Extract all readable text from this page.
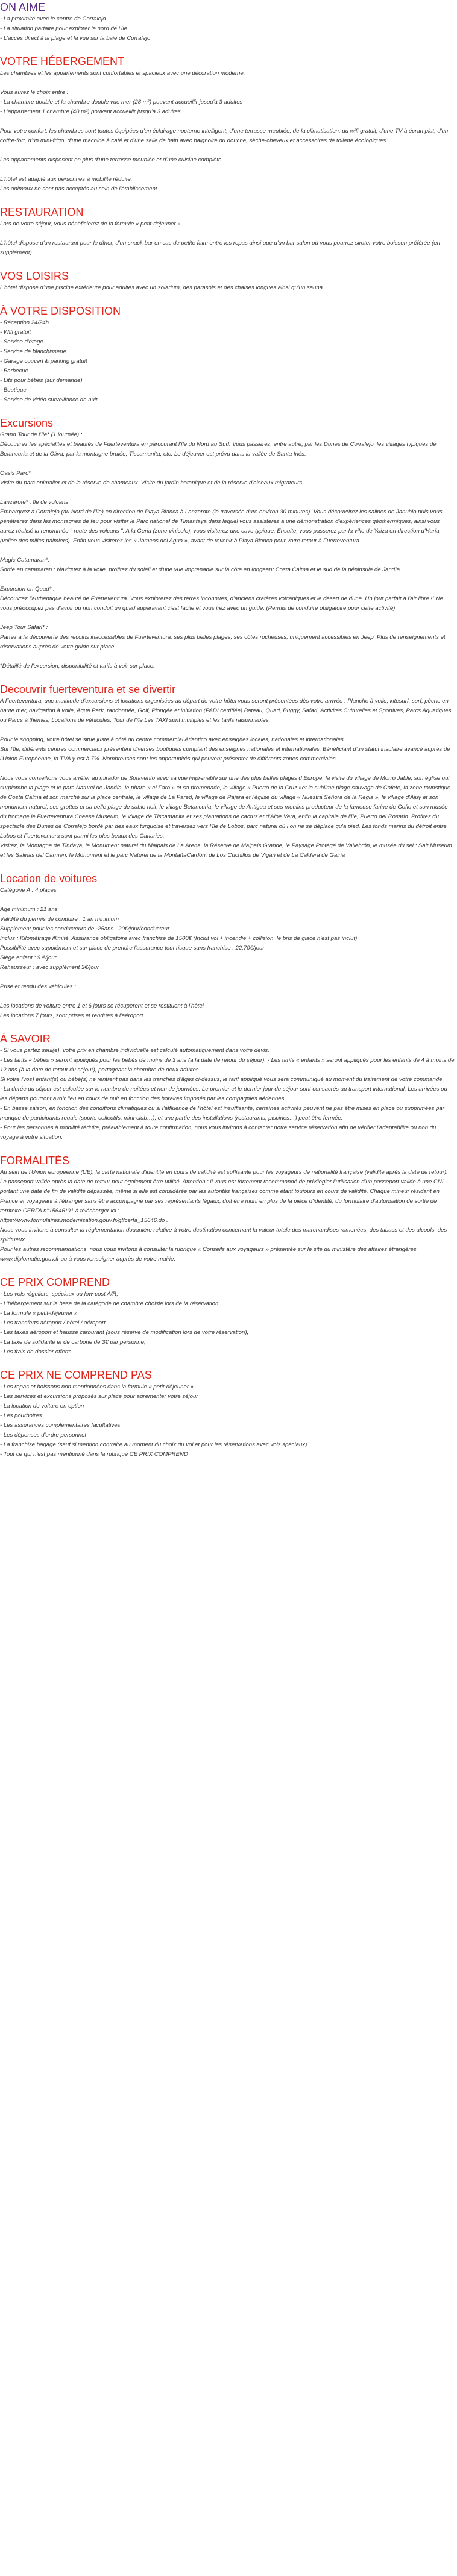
ON AIME

- La proximité avec le centre de Corralejo

- La situation parfaite pour explorer le nord de l'île

- L'accès direct à la plage et la vue sur la baie de Corralejo

VOTRE HÉBERGEMENT

Les chambres et les appartements sont confortables et spacieux avec une décoration moderne.

Vous aurez le choix entre :

- La chambre double et la chambre double vue mer (28 m²) pouvant accueillir jusqu'à 3 adultes

- L'appartement 1 chambre (40 m²) pouvant accueillir jusqu'à 3 adultes

Pour votre confort, les chambres sont toutes équipées d'un éclairage nocturne intelligent, d'une terrasse meublée, de la climatisation, du wifi gratuit, d'une TV à écran plat, d'un coffre-fort, d'un mini-frigo, d'une machine à café et d'une salle de bain avec baignoire ou douche, sèche-cheveux et accessoires de toilette écologiques.

Les appartements disposent en plus d'une terrasse meublée et d'une cuisine complète.

L'hôtel est adapté aux personnes à mobilité réduite.

Les animaux ne sont pas acceptés au sein de l'établissement.

RESTAURATION

Lors de votre séjour, vous bénéficierez de la formule « petit-déjeuner ».

L'hôtel dispose d'un restaurant pour le dîner, d'un snack bar en cas de petite faim entre les repas ainsi que d'un bar salon où vous pourrez siroter votre boisson préférée (en supplément).

VOS LOISIRS

L'hôtel dispose d'une piscine extérieure pour adultes avec un solarium, des parasols et des chaises longues ainsi qu'un sauna.

À VOTRE DISPOSITION

- Réception 24/24h

- Wifi gratuit

- Service d'étage

- Service de blanchisserie

- Garage couvert & parking gratuit

- Barbecue

- Lits pour bébés (sur demande)

- Boutique

- Service de vidéo surveillance de nuit

Excursions

Grand Tour de l'île* (1 journée) :

Découvrez les spécialités et beautés de Fuerteventura en parcourant l'île du Nord au Sud. Vous passerez, entre autre, par les Dunes de Corralejo, les villages typiques de Betancuria et de la Oliva, par la montagne brulée, Tiscamanita, etc. Le déjeuner est prévu dans la vallée de Santa Inés.

Oasis Parc*:

Visite du parc animalier et de la réserve de chameaux. Visite du jardin botanique et de la réserve d'oiseaux migrateurs.

Lanzarote* : île de volcans

Embarquez à Corralejo (au Nord de l'île) en direction de Playa Blanca à Lanzarote (la traversée dure environ 30 minutes). Vous découvrirez les salines de Janubio puis vous pénétrerez dans les montagnes de feu pour visiter le Parc national de Timanfaya dans lequel vous assisterez à une démonstration d'expériences géothermiques, ainsi vous aurez réalisé la renommée " route des volcans ". A la Geria (zone vinicole), vous visiterez une cave typique. Ensuite, vous passerez par la ville de Yaiza en direction d'Haria (vallée des milles palmiers). Enfin vous visiterez les « Jameos del Agua », avant de revenir à Playa Blanca pour votre retour à Fuerteventura.

Magic Catamaran*:

Sortie en catamaran : Naviguez à la voile, profitez du soleil et d'une vue imprenable sur la côte en longeant Costa Calma et le sud de la péninsule de Jandía.

Excursion en Quad* :

Découvrez l'authentique beauté de Fuerteventura. Vous explorerez des terres inconnues, d'anciens cratères volcaniques et le désert de dune. Un jour parfait à l'air libre !! Ne vous préoccupez pas d'avoir ou non conduit un quad auparavant c'est facile et vous irez avec un guide. (Permis de conduire obligatoire pour cette activité)

Jeep Tour Safari* :

Partez à la découverte des recoins inaccessibles de Fuerteventura, ses plus belles plages, ses côtes rocheuses, uniquement accessibles en Jeep. Plus de renseignements et réservations auprès de votre guide sur place

*Détaillé de l'excursion, disponibilité et tarifs à voir sur place.

Decouvrir fuerteventura et se divertir

A Fuerteventura, une multitude d'excursions et locations organisées au départ de votre hôtel vous seront présentées dès votre arrivée : Planche à voile, kitesurf, surf, pêche en haute mer, navigation à voile, Aqua Park, randonnée, Golf, Plongée et initiation (PADI certifiée) Bateau, Quad, Buggy, Safari, Activités Culturelles et Sportives, Parcs Aquatiques ou Parcs à thèmes, Locations de véhicules, Tour de l'île,Les TAXI sont multiples et les tarifs raisonnables.

Pour le shopping, votre hôtel se situe juste à côté du centre commercial Atlantico avec enseignes locales, nationales et internationales.

Sur l'île, différents centres commerciaux présentent diverses boutiques comptant des enseignes nationales et internationales. Bénéficiant d'un statut insulaire avancé auprès de l'Union Européenne, la TVA y est à 7%. Nombreuses sont les opportunités qui peuvent présenter de différents zones commerciales.

Nous vous conseillons vous arrêter au mirador de Sotavento avec sa vue imprenable sur une des plus belles plages d Europe, la visite du village de Morro Jable, son église qui surplombe la plage et le parc Naturel de Jandía, le phare « el Faro » et sa promenade, le village « Puerto de la Cruz »et la sublime plage sauvage de Cofete, la zone touristique de Costa Calma et son marché sur la place centrale, le village de La Pared, le village de Pajara et l'église du village « Nuestra Señora de la Regla », le village d'Ajuy et son monument naturel, ses grottes et sa belle plage de sable noir, le village Betancuria, le village de Antigua et ses moulins producteur de la fameuse farine de Gofio et son musée du fromage le Fuerteventura Cheese Museum, le village de Tiscamanita et ses plantations de cactus et d'Aloe Vera, enfin la capitale de l'île, Puerto del Rosario. Profitez du spectacle des Dunes de Corralejo bordé par des eaux turquoise et traversez vers l'île de Lobos, parc naturel où l on ne se déplace qu'à pied. Les fonds marins du détroit entre Lobos et Fuerteventura sont parmi les plus beaux des Canaries.

Visitez, la Montagne de Tindaya, le Monument naturel du Malpais de La Arena, la Réserve de Malpaís Grande, le Paysage Protégé de Vallebrón, le musée du sel : Salt Museum et les Salinas del Carmen, le Monument et le parc Naturel de la MontañaCardón, de Los Cuchillos de Vigán et de La Caldera de Gairia

Location de voitures

Catégorie A : 4 places

Age minimum : 21 ans

Validité du permis de conduire : 1 an minimum

Supplément pour les conducteurs de -25ans : 20€/jour/conducteur

Inclus : Kilométrage illimité, Assurance obligatoire avec franchise de 1500€ (Inclut vol + incendie + collision, le bris de glace n'est pas inclut)

Possibilité avec supplément et sur place de prendre l'assurance tout risque sans franchise : 22.70€/jour

Siège enfant : 9 €/jour

Rehausseur : avec supplément 3€/jour

Prise et rendu des véhicules :

Les locations de voiture entre 1 et 6 jours se récupèrent et se restituent à l'hôtel

Les locations 7 jours, sont prises et rendues à l'aéroport

À SAVOIR

- Si vous partez seul(e), votre prix en chambre individuelle est calculé automatiquement dans votre devis.

- Les tarifs « bébés » seront appliqués pour les bébés de moins de 3 ans (à la date de retour du séjour). - Les tarifs « enfants » seront appliqués pour les enfants de 4 à moins de 12 ans (à la date de retour du séjour), partageant la chambre de deux adultes.

Si votre (vos) enfant(s) ou bébé(s) ne rentrent pas dans les tranches d'âges ci-dessus, le tarif appliqué vous sera communiqué au moment du traitement de votre commande.

- La durée du séjour est calculée sur le nombre de nuitées et non de journées. Le premier et le dernier jour du séjour sont consacrés au transport international. Les arrivées ou les départs pourront avoir lieu en cours de nuit en fonction des horaires imposés par les compagnies aériennes.

- En basse saison, en fonction des conditions climatiques ou si l'affluence de l'hôtel est insuffisante, certaines activités peuvent ne pas être mises en place ou supprimées par manque de participants requis (sports collectifs, mini-club…), et une partie des installations (restaurants, piscines…) peut être fermée.

- Pour les personnes à mobilité réduite, préalablement à toute confirmation, nous vous invitons à contacter notre service réservation afin de vérifier l'adaptabilité ou non du voyage à votre situation.

FORMALITÉS

Au sein de l'Union européenne (UE), la carte nationale d'identité en cours de validité est suffisante pour les voyageurs de nationalité française (validité après la date de retour). Le passeport valide après la date de retour peut également être utilisé. Attention : il vous est fortement recommandé de privilégier l'utilisation d'un passeport valide à une CNI portant une date de fin de validité dépassée, même si elle est considérée par les autorités françaises comme étant toujours en cours de validité. Chaque mineur résidant en France et voyageant à l'étranger sans être accompagné par ses représentants légaux, doit être muni en plus de la pièce d'identité, du formulaire d'autorisation de sortie de territoire CERFA n°15646*01 à télécharger ici :

https://www.formulaires.modernisation.gouv.fr/gf/cerfa_15646.do .

Nous vous invitons à consulter la réglementation douanière relative à votre destination concernant la valeur totale des marchandises ramenées, des tabacs et des alcools, des spiritueux.

Pour les autres recommandations, nous vous invitons à consulter la rubrique « Conseils aux voyageurs » présentée sur le site du ministère des affaires étrangères www.diplomatie.gouv.fr ou à vous renseigner auprès de votre mairie.

CE PRIX COMPREND

- Les vols réguliers, spéciaux ou low-cost A/R,

- L'hébergement sur la base de la catégorie de chambre choisie lors de la réservation,

- La formule « petit-déjeuner »

- Les transferts aéroport / hôtel / aéroport

- Les taxes aéroport et hausse carburant (sous réserve de modification lors de votre réservation),

- La taxe de solidarité et de carbone de 3€ par personne,

- Les frais de dossier offerts.

CE PRIX NE COMPREND PAS

- Les repas et boissons non mentionnées dans la formule « petit-déjeuner »

- Les services et excursions proposés sur place pour agrémenter votre séjour

- La location de voiture en option

- Les pourboires

- Les assurances complémentaires facultatives

- Les dépenses d'ordre personnel

- La franchise bagage (sauf si mention contraire au moment du choix du vol et pour les réservations avec vols spéciaux)

- Tout ce qui n'est pas mentionné dans la rubrique CE PRIX COMPREND
